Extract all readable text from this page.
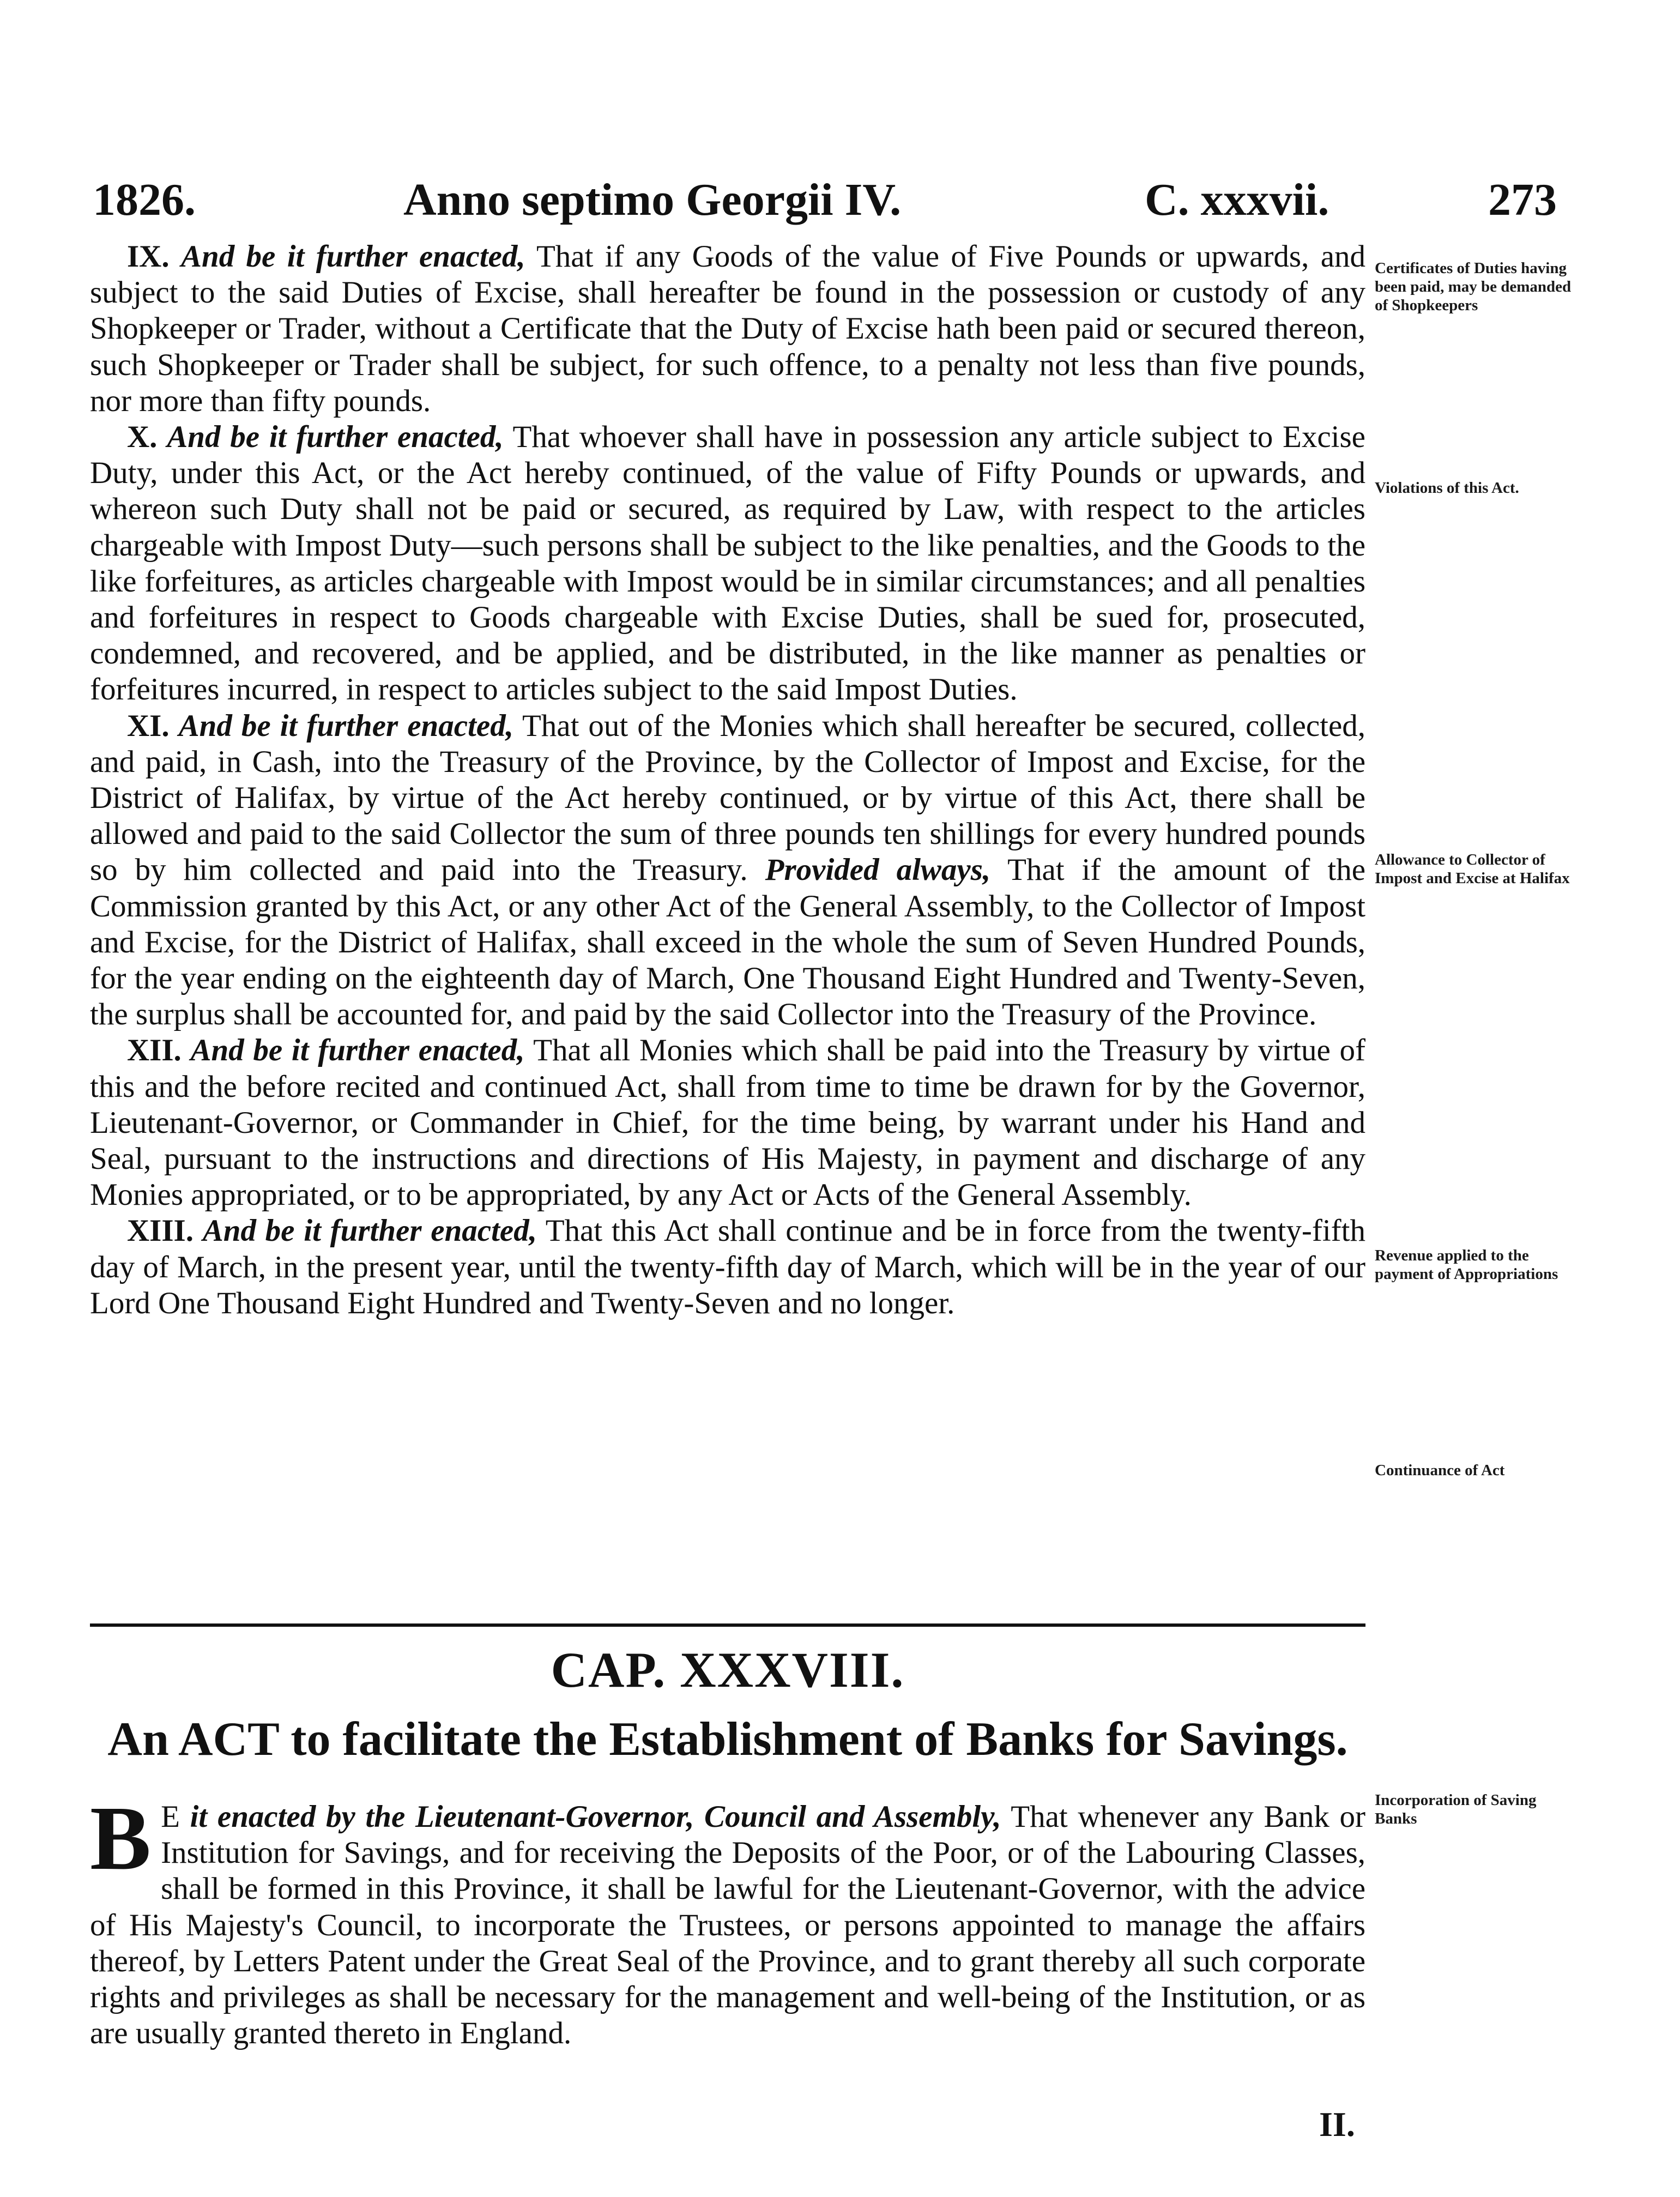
1826.	Anno septimo Georgii IV.	C. xxxvii.	273

IX. And be it further enacted, That if any Goods of the value of Five Pounds or upwards, and subject to the said Duties of Excise, shall hereafter be found in the possession or custody of any Shopkeeper or Trader, without a Certificate that the Duty of Excise hath been paid or secured thereon, such Shopkeeper or Trader shall be subject, for such offence, to a penalty not less than five pounds, nor more than fifty pounds.

X. And be it further enacted, That whoever shall have in possession any article subject to Excise Duty, under this Act, or the Act hereby continued, of the value of Fifty Pounds or upwards, and whereon such Duty shall not be paid or secured, as required by Law, with respect to the articles chargeable with Impost Duty—such persons shall be subject to the like penalties, and the Goods to the like forfeitures, as articles chargeable with Impost would be in similar circumstances; and all penalties and forfeitures in respect to Goods chargeable with Excise Duties, shall be sued for, prosecuted, condemned, and recovered, and be applied, and be distributed, in the like manner as penalties or forfeitures incurred, in respect to articles subject to the said Impost Duties.

XI. And be it further enacted, That out of the Monies which shall hereafter be secured, collected, and paid, in Cash, into the Treasury of the Province, by the Collector of Impost and Excise, for the District of Halifax, by virtue of the Act hereby continued, or by virtue of this Act, there shall be allowed and paid to the said Collector the sum of three pounds ten shillings for every hundred pounds so by him collected and paid into the Treasury. Provided always, That if the amount of the Commission granted by this Act, or any other Act of the General Assembly, to the Collector of Impost and Excise, for the District of Halifax, shall exceed in the whole the sum of Seven Hundred Pounds, for the year ending on the eighteenth day of March, One Thousand Eight Hundred and Twenty-Seven, the surplus shall be accounted for, and paid by the said Collector into the Treasury of the Province.

XII. And be it further enacted, That all Monies which shall be paid into the Treasury by virtue of this and the before recited and continued Act, shall from time to time be drawn for by the Governor, Lieutenant-Governor, or Commander in Chief, for the time being, by warrant under his Hand and Seal, pursuant to the instructions and directions of His Majesty, in payment and discharge of any Monies appropriated, or to be appropriated, by any Act or Acts of the General Assembly.

XIII. And be it further enacted, That this Act shall continue and be in force from the twenty-fifth day of March, in the present year, until the twenty-fifth day of March, which will be in the year of our Lord One Thousand Eight Hundred and Twenty-Seven and no longer.

Certificates of Duties having been paid, may be demanded of Shopkeepers
Violations of this Act.
Allowance to Collector of Impost and Excise at Halifax
Revenue applied to the payment of Appropriations
Continuance of Act
Incorporation of Saving Banks
CAP. XXXVIII.
An ACT to facilitate the Establishment of Banks for Savings.
B E it enacted by the Lieutenant-Governor, Council and Assembly, That whenever any Bank or Institution for Savings, and for receiving the Deposits of the Poor, or of the Labouring Classes, shall be formed in this Province, it shall be lawful for the Lieutenant-Governor, with the advice of His Majesty's Council, to incorporate the Trustees, or persons appointed to manage the affairs thereof, by Letters Patent under the Great Seal of the Province, and to grant thereby all such corporate rights and privileges as shall be necessary for the management and well-being of the Institution, or as are usually granted thereto in England.
II.
